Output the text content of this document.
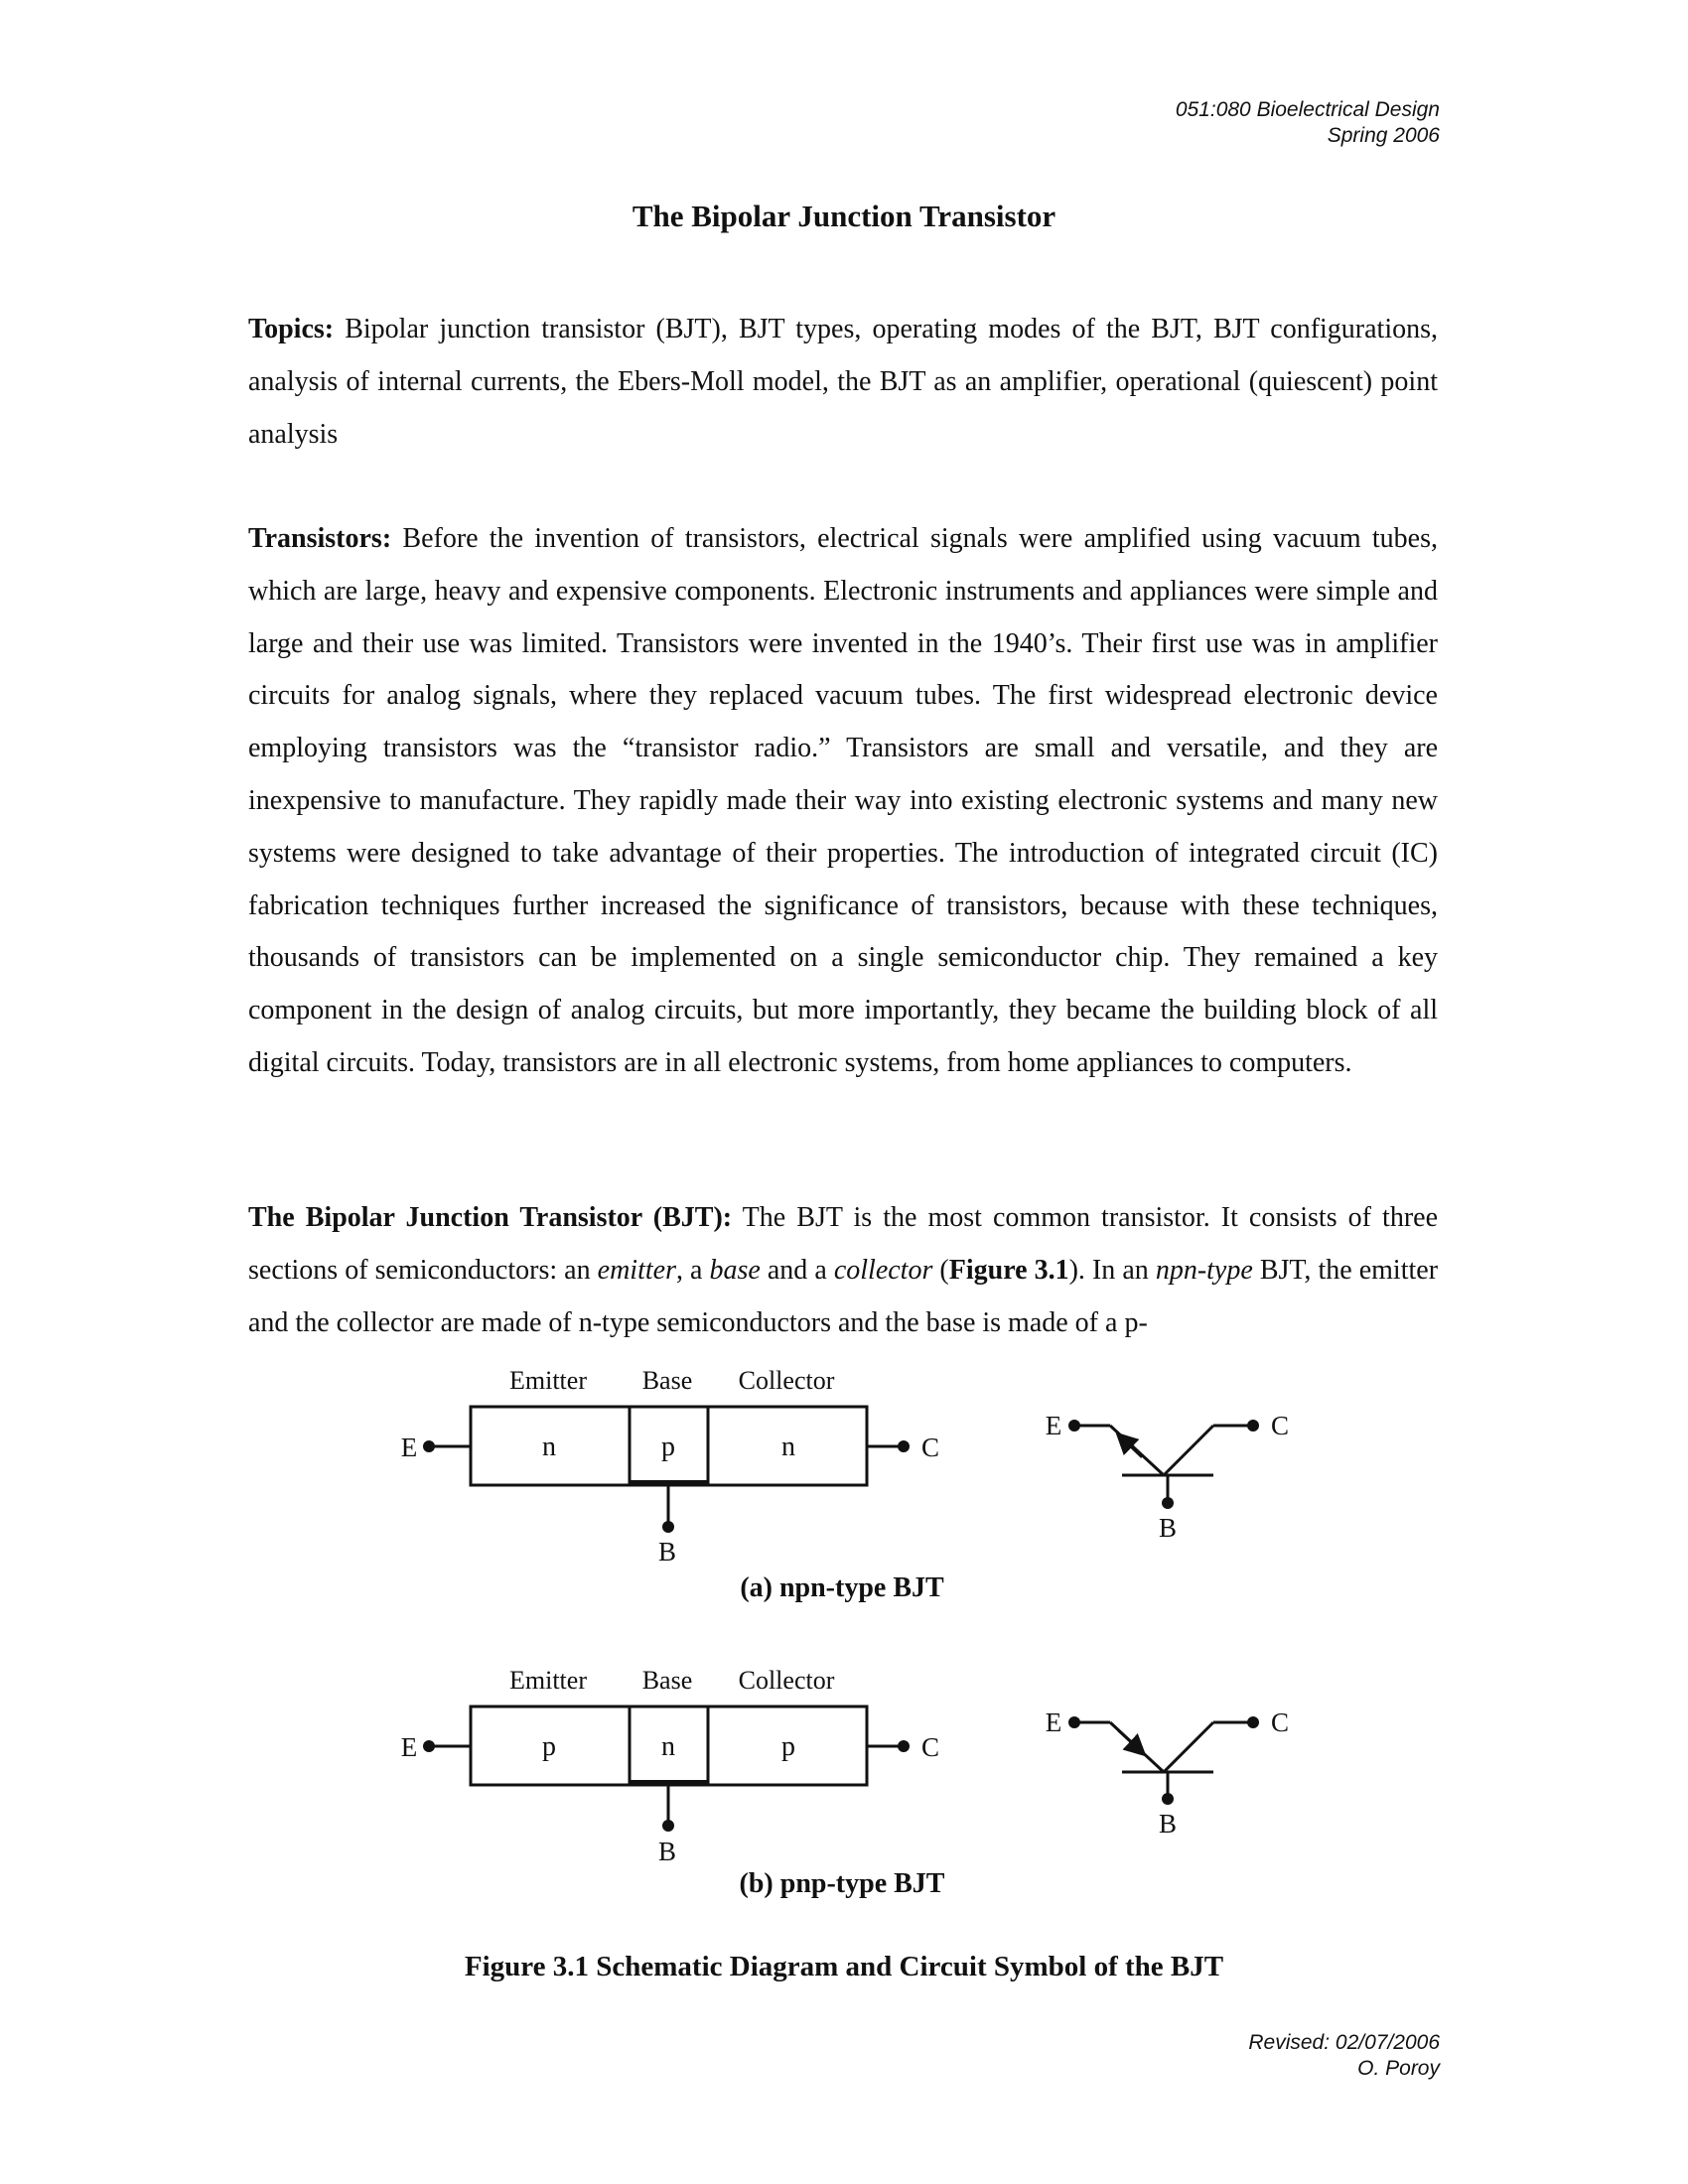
051:080 Bioelectrical Design
Spring 2006
The Bipolar Junction Transistor
Topics: Bipolar junction transistor (BJT), BJT types, operating modes of the BJT, BJT configurations, analysis of internal currents, the Ebers-Moll model, the BJT as an amplifier, operational (quiescent) point analysis
Transistors: Before the invention of transistors, electrical signals were amplified using vacuum tubes, which are large, heavy and expensive components. Electronic instruments and appliances were simple and large and their use was limited. Transistors were invented in the 1940’s. Their first use was in amplifier circuits for analog signals, where they replaced vacuum tubes. The first widespread electronic device employing transistors was the “transistor radio.” Transistors are small and versatile, and they are inexpensive to manufacture. They rapidly made their way into existing electronic systems and many new systems were designed to take advantage of their properties. The introduction of integrated circuit (IC) fabrication techniques further increased the significance of transistors, because with these techniques, thousands of transistors can be implemented on a single semiconductor chip. They remained a key component in the design of analog circuits, but more importantly, they became the building block of all digital circuits. Today, transistors are in all electronic systems, from home appliances to computers.
The Bipolar Junction Transistor (BJT): The BJT is the most common transistor. It consists of three sections of semiconductors: an emitter, a base and a collector (Figure 3.1). In an npn-type BJT, the emitter and the collector are made of n-type semiconductors and the base is made of a p-
Emitter Base Collector
n	p	n
E	C
B
E	C
B
(a) npn-type BJT
Emitter Base Collector
p	n	p
E	C
B
E	C
B
(b) pnp-type BJT
Figure 3.1 Schematic Diagram and Circuit Symbol of the BJT
Revised: 02/07/2006
O. Poroy
